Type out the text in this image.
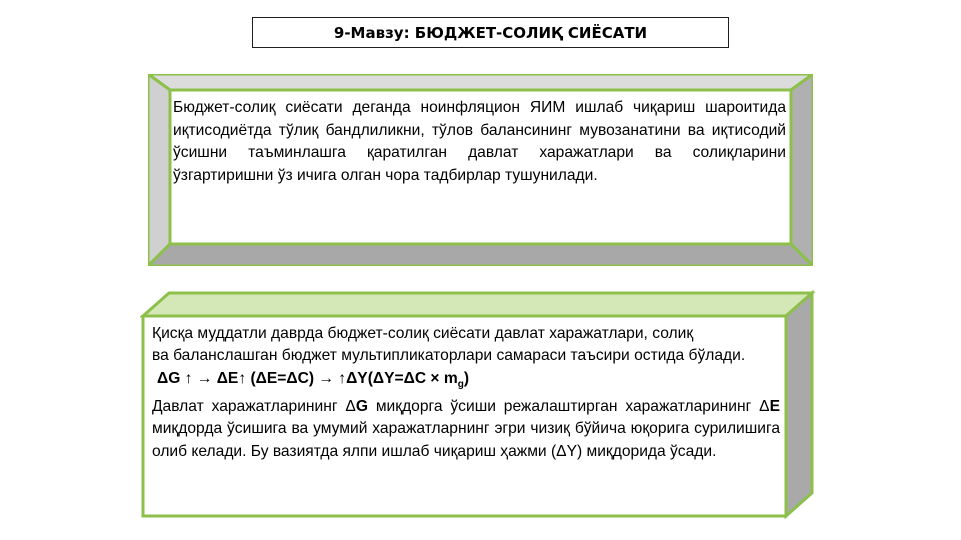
9-Мавзу: БЮДЖЕТ-СОЛИҚ СИЁСАТИ
Бюджет-солиқ сиёсати деганда ноинфляцион ЯИМ ишлаб чиқариш шароитида иқтисодиётда тўлиқ бандлиликни, тўлов балансининг мувозанатини ва иқтисодий ўсишни таъминлашга қаратилган давлат харажатлари ва солиқларини ўзгартиришни ўз ичига олган чора тадбирлар тушунилади.
Қисқа муддатли даврда бюджет-солиқ сиёсати давлат харажатлари, солиқ
ва баланслашган бюджет мультипликаторлари самараси таъсири остида бўлади.
ΔG ↑ → ΔE↑ (ΔE=ΔC) → ↑ΔY(ΔY=ΔC × $m_g$)
Давлат харажатларининг ΔG миқдорга ўсиши режалаштирган харажатларининг ΔE миқдорда ўсишига ва умумий харажатларнинг эгри чизиқ бўйича юқорига сурилишига олиб келади. Бу вазиятда ялпи ишлаб чиқариш ҳажми (ΔY) миқдорида ўсади.
